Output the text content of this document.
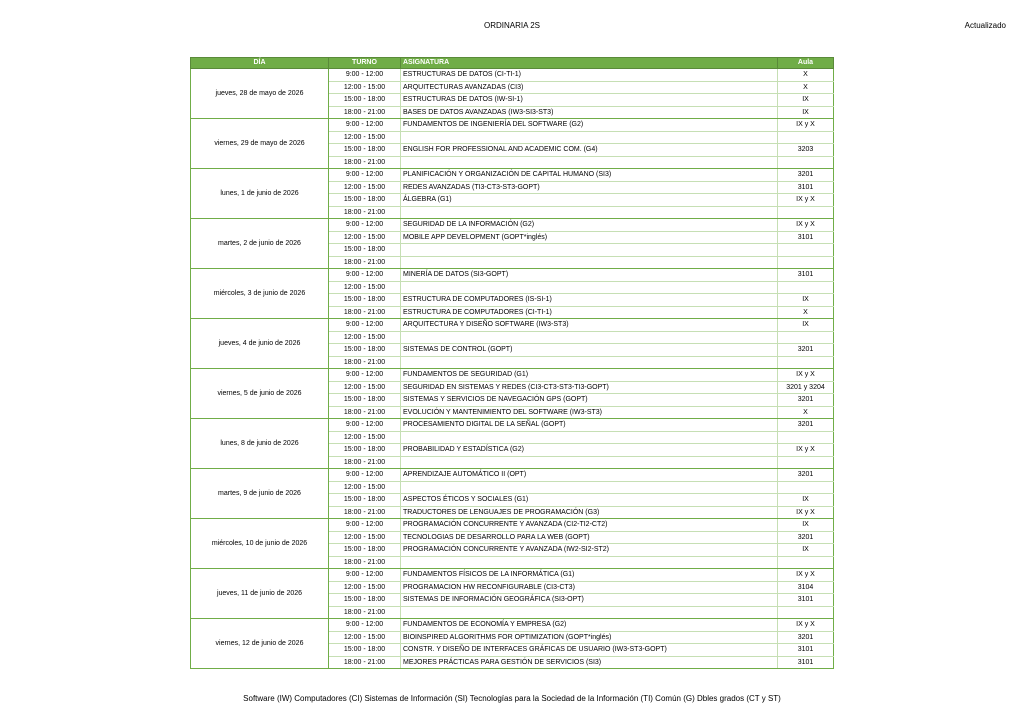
ORDINARIA 2S	Actualizado
DÍA	TURNO	ASIGNATURA	Aula
jueves, 28 de mayo de 2026	9:00 - 12:00	ESTRUCTURAS DE DATOS (CI-TI-1)	X
	12:00 - 15:00	ARQUITECTURAS AVANZADAS (CI3)	X
	15:00 - 18:00	ESTRUCTURAS DE DATOS (IW-SI-1)	IX
	18:00 - 21:00	BASES DE DATOS AVANZADAS (IW3-SI3-ST3)	IX
viernes, 29 de mayo de 2026	9:00 - 12:00	FUNDAMENTOS DE INGENIERÍA DEL SOFTWARE (G2)	IX y X
	12:00 - 15:00		
	15:00 - 18:00	ENGLISH FOR PROFESSIONAL AND ACADEMIC COM. (G4)	3203
	18:00 - 21:00		
lunes, 1 de junio de 2026	9:00 - 12:00	PLANIFICACIÓN Y ORGANIZACIÓN DE CAPITAL HUMANO (SI3)	3201
	12:00 - 15:00	REDES AVANZADAS (TI3-CT3-ST3-GOPT)	3101
	15:00 - 18:00	ÁLGEBRA (G1)	IX y X
	18:00 - 21:00		
martes, 2 de junio de 2026	9:00 - 12:00	SEGURIDAD DE LA INFORMACIÓN (G2)	IX y X
	12:00 - 15:00	MOBILE APP DEVELOPMENT (GOPT*inglés)	3101
	15:00 - 18:00		
	18:00 - 21:00		
miércoles, 3 de junio de 2026	9:00 - 12:00	MINERÍA DE DATOS (SI3-GOPT)	3101
	12:00 - 15:00		
	15:00 - 18:00	ESTRUCTURA DE COMPUTADORES (IS-SI-1)	IX
	18:00 - 21:00	ESTRUCTURA DE COMPUTADORES (CI-TI-1)	X
jueves, 4 de junio de 2026	9:00 - 12:00	ARQUITECTURA Y DISEÑO SOFTWARE (IW3-ST3)	IX
	12:00 - 15:00		
	15:00 - 18:00	SISTEMAS DE CONTROL (GOPT)	3201
	18:00 - 21:00		
viernes, 5 de junio de 2026	9:00 - 12:00	FUNDAMENTOS DE SEGURIDAD (G1)	IX y X
	12:00 - 15:00	SEGURIDAD EN SISTEMAS Y REDES (CI3-CT3-ST3-TI3-GOPT)	3201 y 3204
	15:00 - 18:00	SISTEMAS Y SERVICIOS DE NAVEGACIÓN GPS (GOPT)	3201
	18:00 - 21:00	EVOLUCIÓN Y MANTENIMIENTO DEL SOFTWARE (IW3-ST3)	X
lunes, 8 de junio de 2026	9:00 - 12:00	PROCESAMIENTO DIGITAL DE LA SEÑAL (GOPT)	3201
	12:00 - 15:00		
	15:00 - 18:00	PROBABILIDAD Y ESTADÍSTICA (G2)	IX y X
	18:00 - 21:00		
martes, 9 de junio de 2026	9:00 - 12:00	APRENDIZAJE AUTOMÁTICO II (OPT)	3201
	12:00 - 15:00		
	15:00 - 18:00	ASPECTOS ÉTICOS Y SOCIALES (G1)	IX
	18:00 - 21:00	TRADUCTORES DE LENGUAJES DE PROGRAMACIÓN (G3)	IX y X
miércoles, 10 de junio de 2026	9:00 - 12:00	PROGRAMACIÓN CONCURRENTE Y AVANZADA (CI2-TI2-CT2)	IX
	12:00 - 15:00	TECNOLOGIAS DE DESARROLLO PARA LA WEB (GOPT)	3201
	15:00 - 18:00	PROGRAMACIÓN CONCURRENTE Y AVANZADA (IW2-SI2-ST2)	IX
	18:00 - 21:00		
jueves, 11 de junio de 2026	9:00 - 12:00	FUNDAMENTOS FÍSICOS DE LA INFORMÁTICA (G1)	IX y X
	12:00 - 15:00	PROGRAMACION HW RECONFIGURABLE (CI3-CT3)	3104
	15:00 - 18:00	SISTEMAS DE INFORMACIÓN GEOGRÁFICA (SI3-OPT)	3101
	18:00 - 21:00		
viernes, 12 de junio de 2026	9:00 - 12:00	FUNDAMENTOS DE ECONOMÍA Y EMPRESA (G2)	IX y X
	12:00 - 15:00	BIOINSPIRED ALGORITHMS FOR OPTIMIZATION (GOPT*inglés)	3201
	15:00 - 18:00	CONSTR. Y DISEÑO DE INTERFACES GRÁFICAS DE USUARIO (IW3-ST3-GOPT)	3101
	18:00 - 21:00	MEJORES PRÁCTICAS PARA GESTIÓN DE SERVICIOS (SI3)	3101
Software (IW) Computadores (CI) Sistemas de Información (SI) Tecnologías para la Sociedad de la Información (TI) Común (G) Dbles grados (CT y ST)
